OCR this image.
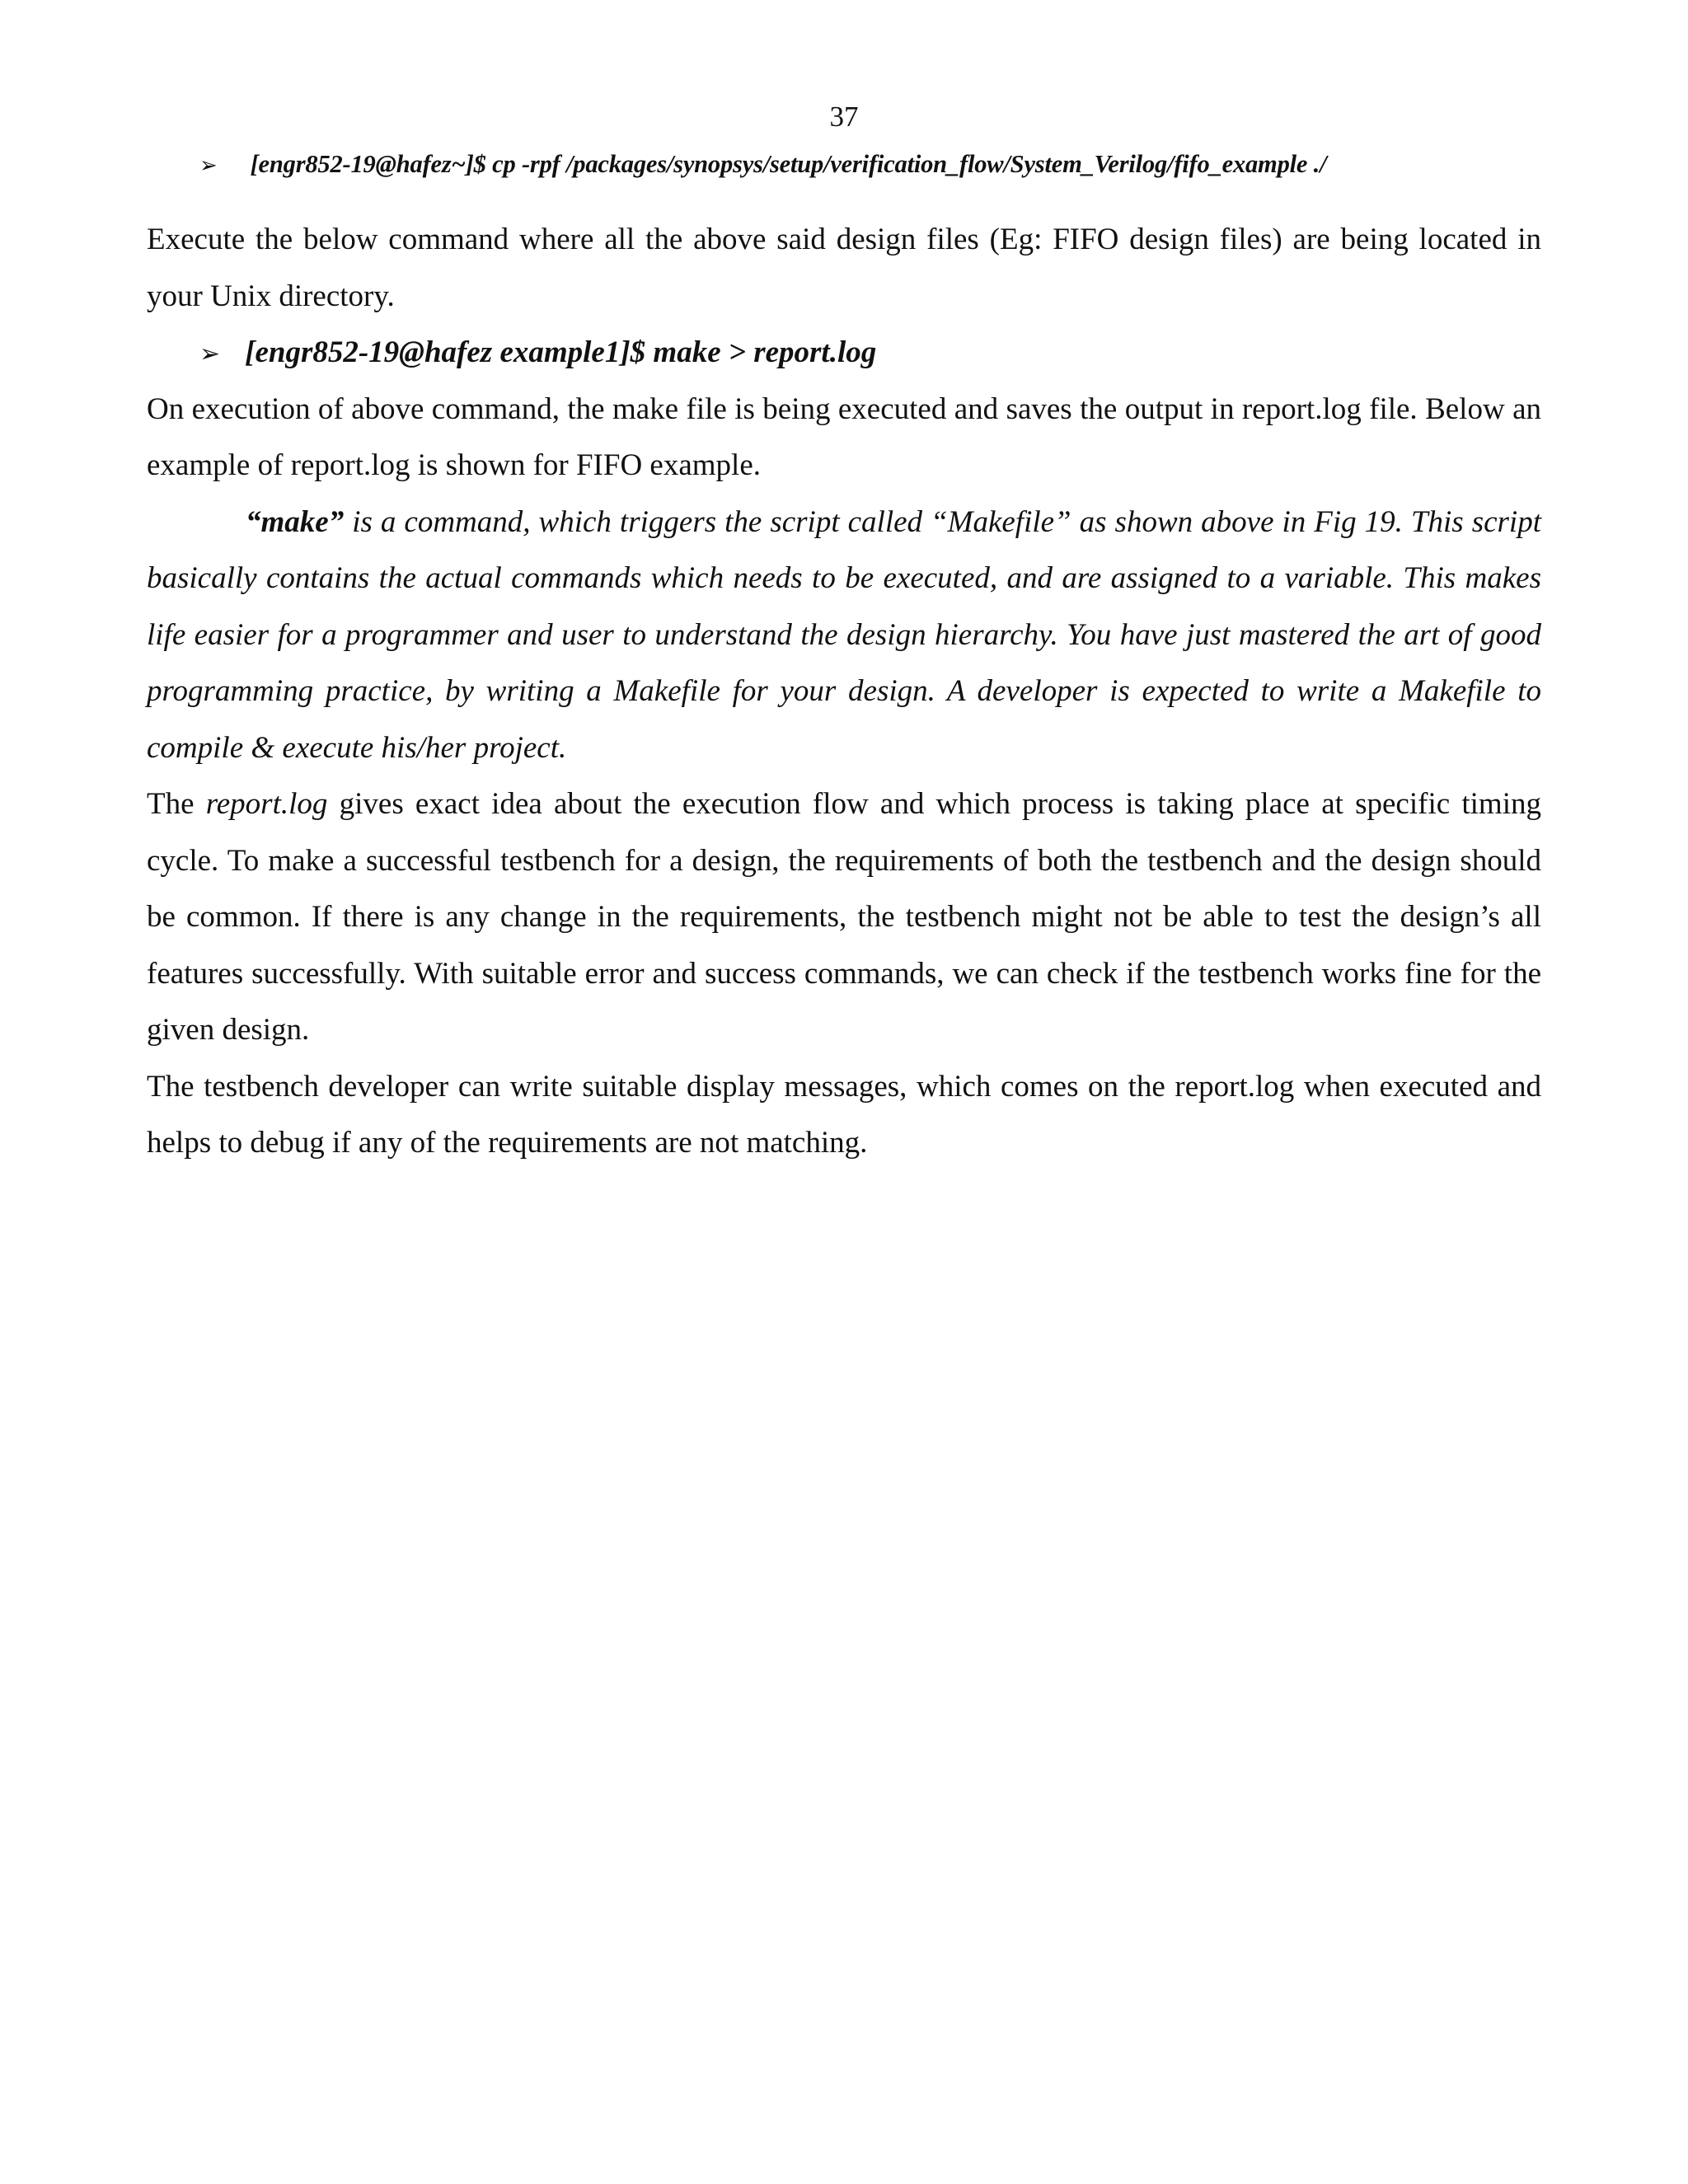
37
➢ [engr852-19@hafez~]$ cp -rpf /packages/synopsys/setup/verification_flow/System_Verilog/fifo_example ./

Execute the below command where all the above said design files (Eg: FIFO design files) are being located in your Unix directory.

➢ [engr852-19@hafez example1]$ make > report.log

On execution of above command, the make file is being executed and saves the output in report.log file. Below an example of report.log is shown for FIFO example.

“make” is a command, which triggers the script called “Makefile” as shown above in Fig 19. This script basically contains the actual commands which needs to be executed, and are assigned to a variable. This makes life easier for a programmer and user to understand the design hierarchy. You have just mastered the art of good programming practice, by writing a Makefile for your design. A developer is expected to write a Makefile to compile & execute his/her project.

The report.log gives exact idea about the execution flow and which process is taking place at specific timing cycle. To make a successful testbench for a design, the requirements of both the testbench and the design should be common. If there is any change in the requirements, the testbench might not be able to test the design’s all features successfully. With suitable error and success commands, we can check if the testbench works fine for the given design.

The testbench developer can write suitable display messages, which comes on the report.log when executed and helps to debug if any of the requirements are not matching.
